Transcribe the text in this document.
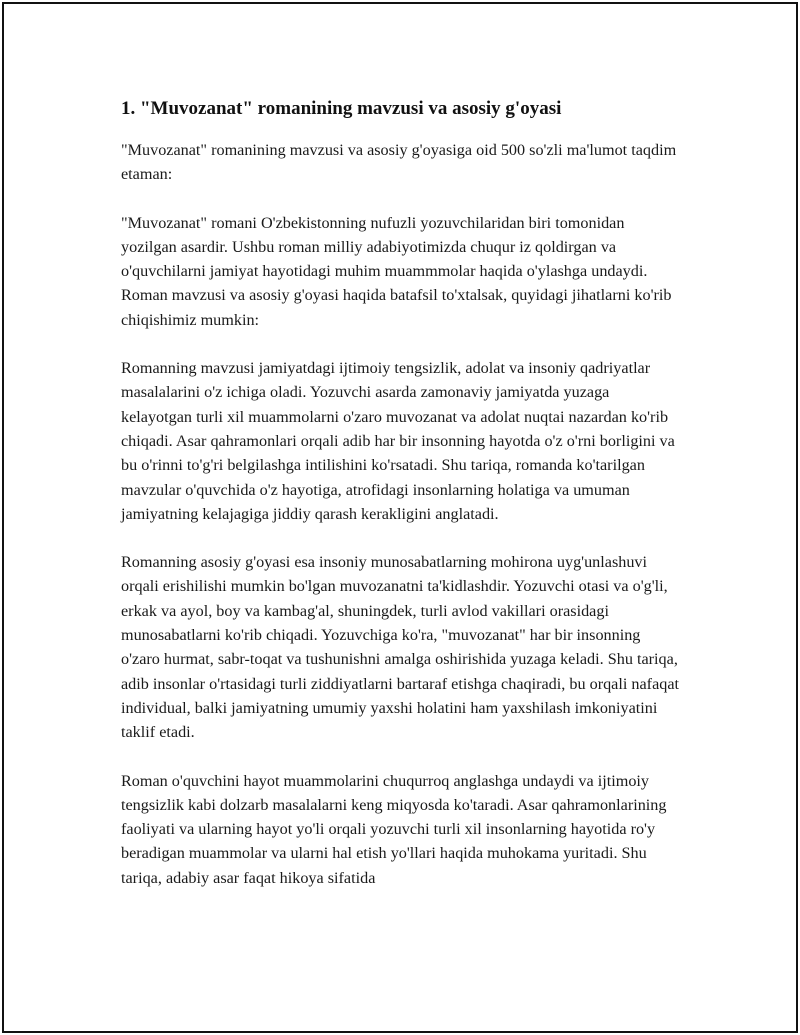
1. "Muvozanat" romanining mavzusi va asosiy g'oyasi

"Muvozanat" romanining mavzusi va asosiy g'oyasiga oid 500 so'zli ma'lumot taqdim etaman:

"Muvozanat" romani O'zbekistonning nufuzli yozuvchilaridan biri tomonidan yozilgan asardir. Ushbu roman milliy adabiyotimizda chuqur iz qoldirgan va o'quvchilarni jamiyat hayotidagi muhim muammmolar haqida o'ylashga undaydi. Roman mavzusi va asosiy g'oyasi haqida batafsil to'xtalsak, quyidagi jihatlarni ko'rib chiqishimiz mumkin:

Romanning mavzusi jamiyatdagi ijtimoiy tengsizlik, adolat va insoniy qadriyatlar masalalarini o'z ichiga oladi. Yozuvchi asarda zamonaviy jamiyatda yuzaga kelayotgan turli xil muammolarni o'zaro muvozanat va adolat nuqtai nazardan ko'rib chiqadi. Asar qahramonlari orqali adib har bir insonning hayotda o'z o'rni borligini va bu o'rinni to'g'ri belgilashga intilishini ko'rsatadi. Shu tariqa, romanda ko'tarilgan mavzular o'quvchida o'z hayotiga, atrofidagi insonlarning holatiga va umuman jamiyatning kelajagiga jiddiy qarash kerakligini anglatadi.

Romanning asosiy g'oyasi esa insoniy munosabatlarning mohirona uyg'unlashuvi orqali erishilishi mumkin bo'lgan muvozanatni ta'kidlashdir. Yozuvchi otasi va o'g'li, erkak va ayol, boy va kambag'al, shuningdek, turli avlod vakillari orasidagi munosabatlarni ko'rib chiqadi. Yozuvchiga ko'ra, "muvozanat" har bir insonning o'zaro hurmat, sabr-toqat va tushunishni amalga oshirishida yuzaga keladi. Shu tariqa, adib insonlar o'rtasidagi turli ziddiyatlarni bartaraf etishga chaqiradi, bu orqali nafaqat individual, balki jamiyatning umumiy yaxshi holatini ham yaxshilash imkoniyatini taklif etadi.

Roman o'quvchini hayot muammolarini chuqurroq anglashga undaydi va ijtimoiy tengsizlik kabi dolzarb masalalarni keng miqyosda ko'taradi. Asar qahramonlarining faoliyati va ularning hayot yo'li orqali yozuvchi turli xil insonlarning hayotida ro'y beradigan muammolar va ularni hal etish yo'llari haqida muhokama yuritadi. Shu tariqa, adabiy asar faqat hikoya sifatida
